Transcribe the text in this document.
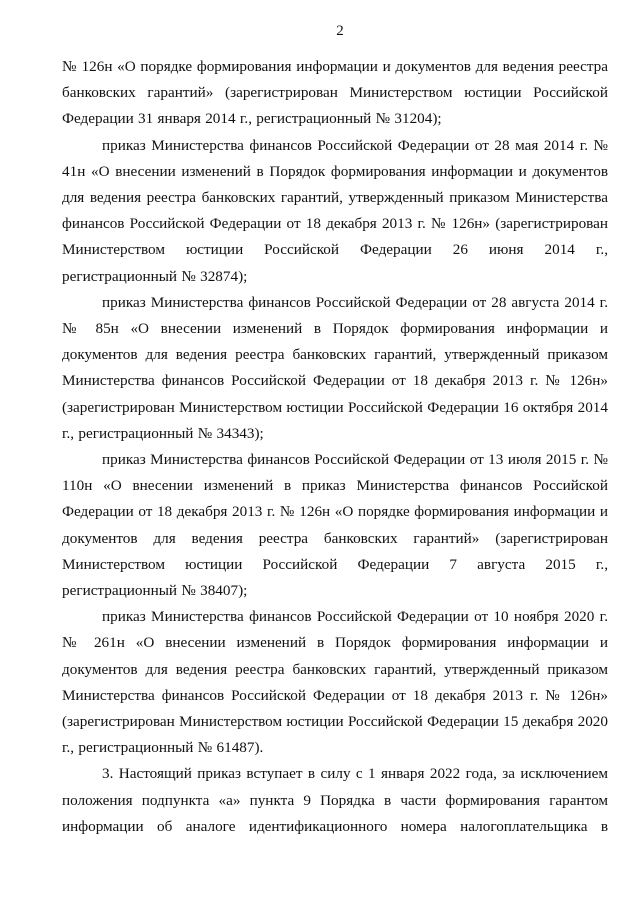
2

№ 126н «О порядке формирования информации и документов для ведения реестра банковских гарантий» (зарегистрирован Министерством юстиции Российской Федерации 31 января 2014 г., регистрационный № 31204);

приказ Министерства финансов Российской Федерации от 28 мая 2014 г. № 41н «О внесении изменений в Порядок формирования информации и документов для ведения реестра банковских гарантий, утвержденный приказом Министерства финансов Российской Федерации от 18 декабря 2013 г. № 126н» (зарегистрирован Министерством юстиции Российской Федерации 26 июня 2014 г., регистрационный № 32874);

приказ Министерства финансов Российской Федерации от 28 августа 2014 г. № 85н «О внесении изменений в Порядок формирования информации и документов для ведения реестра банковских гарантий, утвержденный приказом Министерства финансов Российской Федерации от 18 декабря 2013 г. № 126н» (зарегистрирован Министерством юстиции Российской Федерации 16 октября 2014 г., регистрационный № 34343);

приказ Министерства финансов Российской Федерации от 13 июля 2015 г. № 110н «О внесении изменений в приказ Министерства финансов Российской Федерации от 18 декабря 2013 г. № 126н «О порядке формирования информации и документов для ведения реестра банковских гарантий» (зарегистрирован Министерством юстиции Российской Федерации 7 августа 2015 г., регистрационный № 38407);

приказ Министерства финансов Российской Федерации от 10 ноября 2020 г. № 261н «О внесении изменений в Порядок формирования информации и документов для ведения реестра банковских гарантий, утвержденный приказом Министерства финансов Российской Федерации от 18 декабря 2013 г. № 126н» (зарегистрирован Министерством юстиции Российской Федерации 15 декабря 2020 г., регистрационный № 61487).

3. Настоящий приказ вступает в силу с 1 января 2022 года, за исключением положения подпункта «а» пункта 9 Порядка в части формирования гарантом информации об аналоге идентификационного номера налогоплательщика в
